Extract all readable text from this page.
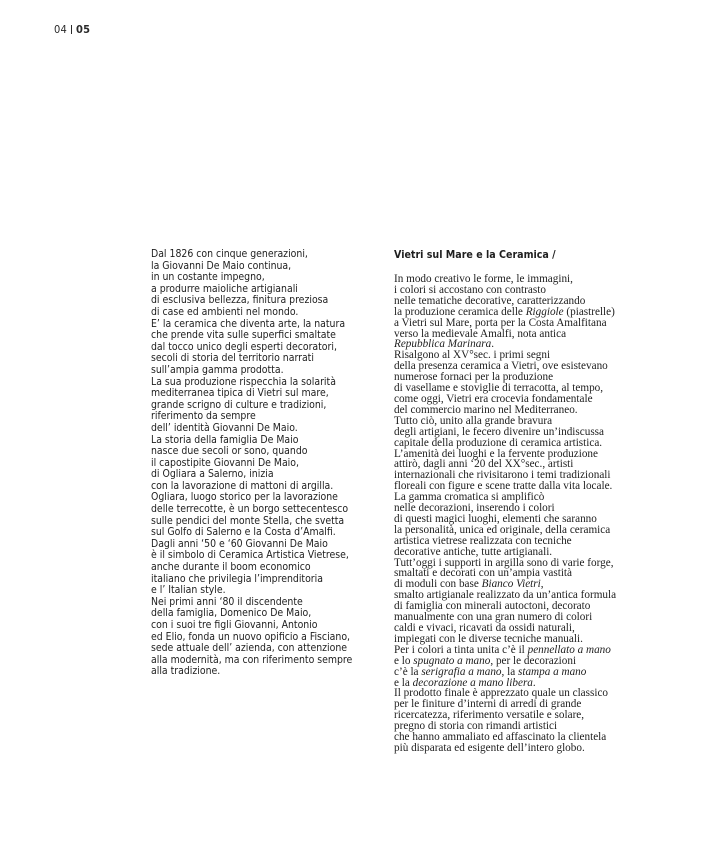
04 05
Dal 1826 con cinque generazioni,
la Giovanni De Maio continua,
in un costante impegno,
a produrre maioliche artigianali
di esclusiva bellezza, finitura preziosa
di case ed ambienti nel mondo.
E’ la ceramica che diventa arte, la natura
che prende vita sulle superfici smaltate
dal tocco unico degli esperti decoratori,
secoli di storia del territorio narrati
sull’ampia gamma prodotta.
La sua produzione rispecchia la solarità
mediterranea tipica di Vietri sul mare,
grande scrigno di culture e tradizioni,
riferimento da sempre
dell’ identità Giovanni De Maio.
La storia della famiglia De Maio
nasce due secoli or sono, quando
il capostipite Giovanni De Maio,
di Ogliara a Salerno, inizia
con la lavorazione di mattoni di argilla.
Ogliara, luogo storico per la lavorazione
delle terrecotte, è un borgo settecentesco
sulle pendici del monte Stella, che svetta
sul Golfo di Salerno e la Costa d’Amalfi.
Dagli anni ‘50 e ‘60 Giovanni De Maio
è il simbolo di Ceramica Artistica Vietrese,
anche durante il boom economico
italiano che privilegia l’imprenditoria
e l’ Italian style.
Nei primi anni ‘80 il discendente
della famiglia, Domenico De Maio,
con i suoi tre figli Giovanni, Antonio
ed Elio, fonda un nuovo opificio a Fisciano,
sede attuale dell’ azienda, con attenzione
alla modernità, ma con riferimento sempre
alla tradizione.
Vietri sul Mare e la Ceramica /
In modo creativo le forme, le immagini,
i colori si accostano con contrasto
nelle tematiche decorative, caratterizzando
la produzione ceramica delle Riggiole (piastrelle)
a Vietri sul Mare, porta per la Costa Amalfitana
verso la medievale Amalfi, nota antica
Repubblica Marinara.
Risalgono al XV°sec. i primi segni
della presenza ceramica a Vietri, ove esistevano
numerose fornaci per la produzione
di vasellame e stoviglie di terracotta, al tempo,
come oggi, Vietri era crocevia fondamentale
del commercio marino nel Mediterraneo.
Tutto ciò, unito alla grande bravura
degli artigiani, le fecero divenire un’indiscussa
capitale della produzione di ceramica artistica.
L’amenità dei luoghi e la fervente produzione
attirò, dagli anni ‘20 del XX°sec., artisti
internazionali che rivisitarono i temi tradizionali
floreali con figure e scene tratte dalla vita locale.
La gamma cromatica si amplificò
nelle decorazioni, inserendo i colori
di questi magici luoghi, elementi che saranno
la personalità, unica ed originale, della ceramica
artistica vietrese realizzata con tecniche
decorative antiche, tutte artigianali.
Tutt’oggi i supporti in argilla sono di varie forge,
smaltati e decorati con un’ampia vastità
di moduli con base Bianco Vietri,
smalto artigianale realizzato da un’antica formula
di famiglia con minerali autoctoni, decorato
manualmente con una gran numero di colori
caldi e vivaci, ricavati da ossidi naturali,
impiegati con le diverse tecniche manuali.
Per i colori a tinta unita c’è il pennellato a mano
e lo spugnato a mano, per le decorazioni
c’è la serigrafia a mano, la stampa a mano
e la decorazione a mano libera.
Il prodotto finale è apprezzato quale un classico
per le finiture d’interni di arredi di grande
ricercatezza, riferimento versatile e solare,
pregno di storia con rimandi artistici
che hanno ammaliato ed affascinato la clientela
più disparata ed esigente dell’intero globo.
